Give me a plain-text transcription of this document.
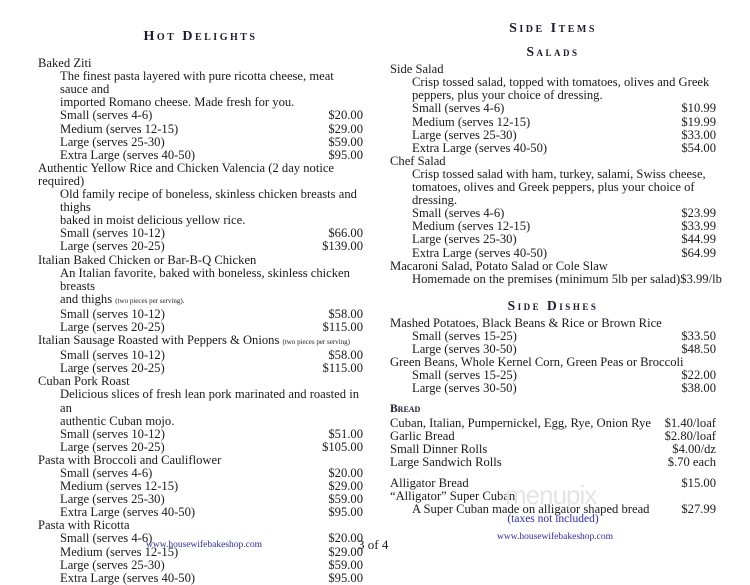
Hot Delights
Baked Ziti
The finest pasta layered with pure ricotta cheese, meat sauce and
imported Romano cheese. Made fresh for you.
Small (serves 4-6)	$20.00
Medium (serves 12-15)	$29.00
Large (serves 25-30)	$59.00
Extra Large (serves 40-50)	$95.00
Authentic Yellow Rice and Chicken Valencia (2 day notice required)
Old family recipe of boneless, skinless chicken breasts and thighs
baked in moist delicious yellow rice.
Small (serves 10-12)	$66.00
Large (serves 20-25)	$139.00
Italian Baked Chicken or Bar-B-Q Chicken
An Italian favorite, baked with boneless, skinless chicken breasts
and thighs (two pieces per serving).
Small (serves 10-12)	$58.00
Large (serves 20-25)	$115.00
Italian Sausage Roasted with Peppers & Onions (two pieces per serving)
Small (serves 10-12)	$58.00
Large (serves 20-25)	$115.00
Cuban Pork Roast
Delicious slices of fresh lean pork marinated and roasted in an
authentic Cuban mojo.
Small (serves 10-12)	$51.00
Large (serves 20-25)	$105.00
Pasta with Broccoli and Cauliflower
Small (serves 4-6)	$20.00
Medium (serves 12-15)	$29.00
Large (serves 25-30)	$59.00
Extra Large (serves 40-50)	$95.00
Pasta with Ricotta
Small (serves 4-6)	$20.00
Medium (serves 12-15)	$29.00
Large (serves 25-30)	$59.00
Extra Large (serves 40-50)	$95.00
Side Items
Salads
Side Salad
Crisp tossed salad, topped with tomatoes, olives and Greek
peppers, plus your choice of dressing.
Small (serves 4-6)	$10.99
Medium (serves 12-15)	$19.99
Large (serves 25-30)	$33.00
Extra Large (serves 40-50)	$54.00
Chef Salad
Crisp tossed salad with ham, turkey, salami, Swiss cheese,
tomatoes, olives and Greek peppers, plus your choice of dressing.
Small (serves 4-6)	$23.99
Medium (serves 12-15)	$33.99
Large (serves 25-30)	$44.99
Extra Large (serves 40-50)	$64.99
Macaroni Salad, Potato Salad or Cole Slaw
Homemade on the premises (minimum 5lb per salad) $3.99/lb
Side Dishes
Mashed Potatoes, Black Beans & Rice or Brown Rice
Small (serves 15-25)	$33.50
Large (serves 30-50)	$48.50
Green Beans, Whole Kernel Corn, Green Peas or Broccoli
Small (serves 15-25)	$22.00
Large (serves 30-50)	$38.00
Bread
Cuban, Italian, Pumpernickel, Egg, Rye, Onion Rye $1.40/loaf
Garlic Bread	$2.80/loaf
Small Dinner Rolls	$4.00/dz
Large Sandwich Rolls	$.70 each
Alligator Bread	$15.00
“Alligator” Super Cuban
A Super Cuban made on alligator shaped bread	$27.99
menupix
(taxes not included)
www.housewifebakeshop.com	3 of 4	www.housewifebakeshop.com
